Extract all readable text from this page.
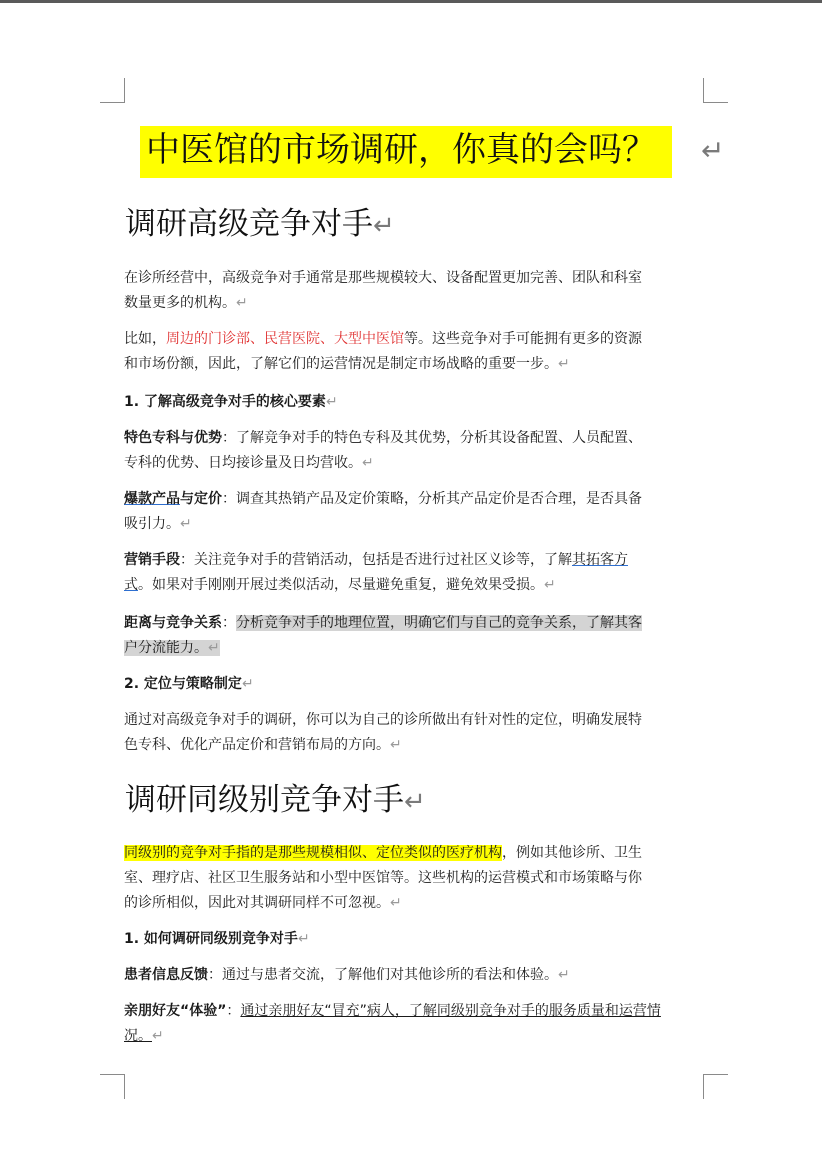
中医馆的市场调研，你真的会吗？	↵
调研高级竞争对手↵
在诊所经营中，高级竞争对手通常是那些规模较大、设备配置更加完善、团队和科室
数量更多的机构。↵
比如，周边的门诊部、民营医院、大型中医馆等。这些竞争对手可能拥有更多的资源
和市场份额，因此，了解它们的运营情况是制定市场战略的重要一步。↵
1. 了解高级竞争对手的核心要素↵
特色专科与优势：了解竞争对手的特色专科及其优势，分析其设备配置、人员配置、
专科的优势、日均接诊量及日均营收。↵
爆款产品与定价：调查其热销产品及定价策略，分析其产品定价是否合理，是否具备
吸引力。↵
营销手段：关注竞争对手的营销活动，包括是否进行过社区义诊等，了解其拓客方
式。如果对手刚刚开展过类似活动，尽量避免重复，避免效果受损。↵
距离与竞争关系：分析竞争对手的地理位置，明确它们与自己的竞争关系，了解其客
户分流能力。↵
2. 定位与策略制定↵
通过对高级竞争对手的调研，你可以为自己的诊所做出有针对性的定位，明确发展特
色专科、优化产品定价和营销布局的方向。↵
调研同级别竞争对手↵
同级别的竞争对手指的是那些规模相似、定位类似的医疗机构，例如其他诊所、卫生
室、理疗店、社区卫生服务站和小型中医馆等。这些机构的运营模式和市场策略与你
的诊所相似，因此对其调研同样不可忽视。↵
1. 如何调研同级别竞争对手↵
患者信息反馈：通过与患者交流，了解他们对其他诊所的看法和体验。↵
亲朋好友“体验”：通过亲朋好友“冒充”病人，了解同级别竞争对手的服务质量和运营情
况。↵
